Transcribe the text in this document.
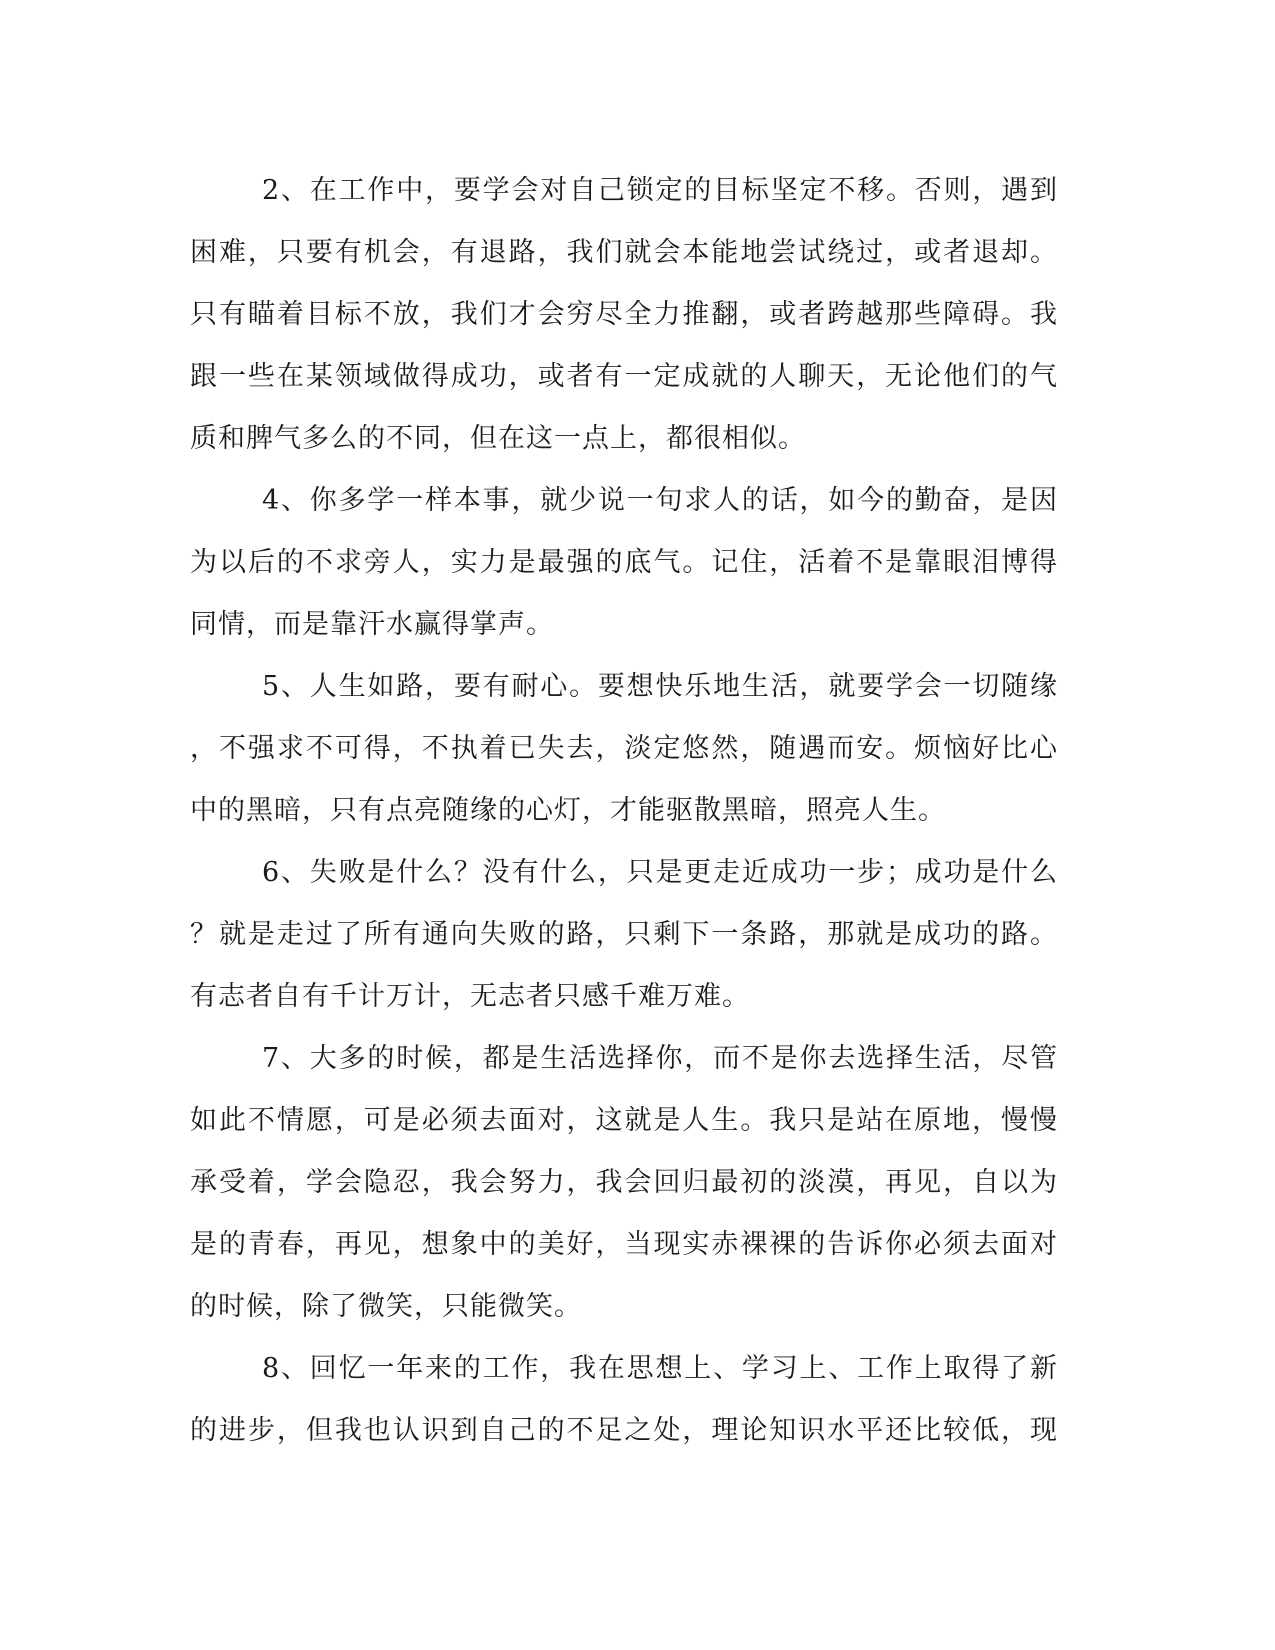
2、在工作中，要学会对自己锁定的目标坚定不移。否则，遇到
困难，只要有机会，有退路，我们就会本能地尝试绕过，或者退却。
只有瞄着目标不放，我们才会穷尽全力推翻，或者跨越那些障碍。我
跟一些在某领域做得成功，或者有一定成就的人聊天，无论他们的气
质和脾气多么的不同，但在这一点上，都很相似。
4、你多学一样本事，就少说一句求人的话，如今的勤奋，是因
为以后的不求旁人，实力是最强的底气。记住，活着不是靠眼泪博得
同情，而是靠汗水赢得掌声。
5、人生如路，要有耐心。要想快乐地生活，就要学会一切随缘
，不强求不可得，不执着已失去，淡定悠然，随遇而安。烦恼好比心
中的黑暗，只有点亮随缘的心灯，才能驱散黑暗，照亮人生。
6、失败是什么？没有什么，只是更走近成功一步；成功是什么
？就是走过了所有通向失败的路，只剩下一条路，那就是成功的路。
有志者自有千计万计，无志者只感千难万难。
7、大多的时候，都是生活选择你，而不是你去选择生活，尽管
如此不情愿，可是必须去面对，这就是人生。我只是站在原地，慢慢
承受着，学会隐忍，我会努力，我会回归最初的淡漠，再见，自以为
是的青春，再见，想象中的美好，当现实赤裸裸的告诉你必须去面对
的时候，除了微笑，只能微笑。
8、回忆一年来的工作，我在思想上、学习上、工作上取得了新
的进步，但我也认识到自己的不足之处，理论知识水平还比较低，现
